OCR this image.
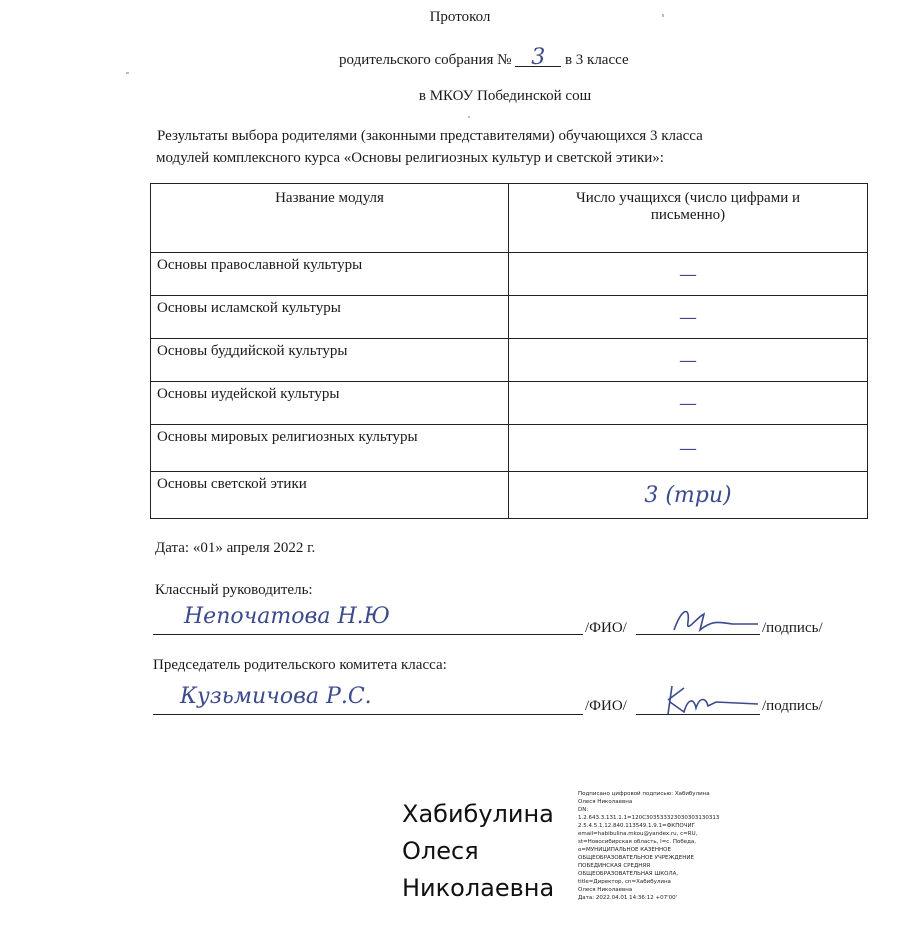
Протокол
родительского собрания № 3 в 3 классе
в МКОУ Побединской сош
Результаты выбора родителями (законными представителями) обучающихся 3 класса
модулей комплексного курса «Основы религиозных культур и светской этики»:
Название модуля	Число учащихся (число цифрами и
письменно)

Основы православной культуры	—
Основы исламской культуры	—
Основы буддийской культуры	—
Основы иудейской культуры	—
Основы мировых религиозных культуры	—
Основы светской этики	3 (три)
Дата: «01» апреля 2022 г.
Классный руководитель:
Непочатова Н.Ю	/ФИО/	/подпись/
Председатель родительского комитета класса:
Кузьмичова Р.С.	/ФИО/	/подпись/
Хабибулина
Олеся
Николаевна
Подписано цифровой подписью: Хабибулина
Олеся Николаевна
DN:
1.2.643.3.131.1.1=120C303533323030303130313
2.5.4.5.1.12.840.113549.1.9.1=ФКПОЧИГ
email=habibulina.mkou@yandex.ru, c=RU,
st=Новосибирская область, l=с. Победа,
o=МУНИЦИПАЛЬНОЕ КАЗЕННОЕ
ОБЩЕОБРАЗОВАТЕЛЬНОЕ УЧРЕЖДЕНИЕ
ПОБЕДИНСКАЯ СРЕДНЯЯ
ОБЩЕОБРАЗОВАТЕЛЬНАЯ ШКОЛА,
title=Директор, cn=Хабибулина
Олеся Николаевна
Дата: 2022.04.01 14:36:12 +07'00'
